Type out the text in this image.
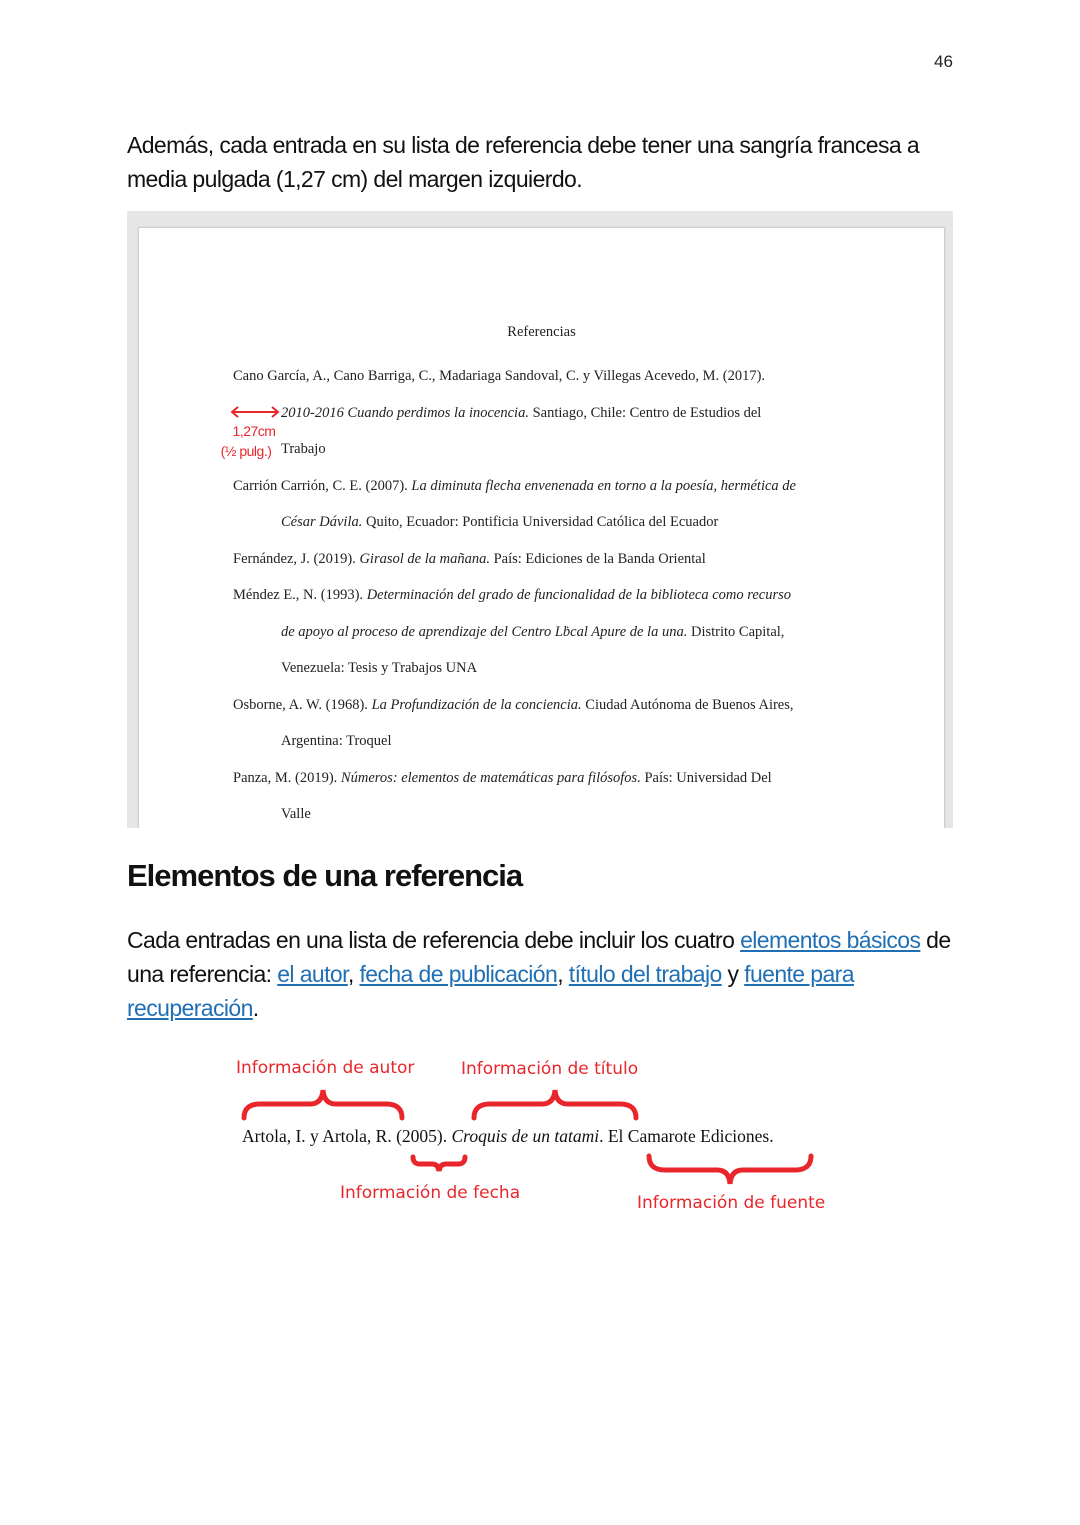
46

Además, cada entrada en su lista de referencia debe tener una sangría francesa a media pulgada (1,27 cm) del margen izquierdo.

Referencias
Cano García, A., Cano Barriga, C., Madariaga Sandoval, C. y Villegas Acevedo, M. (2017).
2010-2016 Cuando perdimos la inocencia. Santiago, Chile: Centro de Estudios del
Trabajo
Carrión Carrión, C. E. (2007). La diminuta flecha envenenada en torno a la poesía, hermética de
César Dávila. Quito, Ecuador: Pontificia Universidad Católica del Ecuador
Fernández, J. (2019). Girasol de la mañana. País: Ediciones de la Banda Oriental
Méndez E., N. (1993). Determinación del grado de funcionalidad de la biblioteca como recurso
de apoyo al proceso de aprendizaje del Centro Lḃcal Apure de la una. Distrito Capital,
Venezuela: Tesis y Trabajos UNA
Osborne, A. W. (1968). La Profundización de la conciencia. Ciudad Autónoma de Buenos Aires,
Argentina: Troquel
Panza, M. (2019). Números: elementos de matemáticas para filósofos. País: Universidad Del
Valle
1,27cm
(½ pulg.)
Elementos de una referencia

Cada entradas en una lista de referencia debe incluir los cuatro elementos básicos de una referencia: el autor, fecha de publicación, título del trabajo y fuente para recuperación.

Información de autor	Información de título
Artola, I. y Artola, R. (2005). Croquis de un tatami. El Camarote Ediciones.
Información de fecha	Información de fuente
